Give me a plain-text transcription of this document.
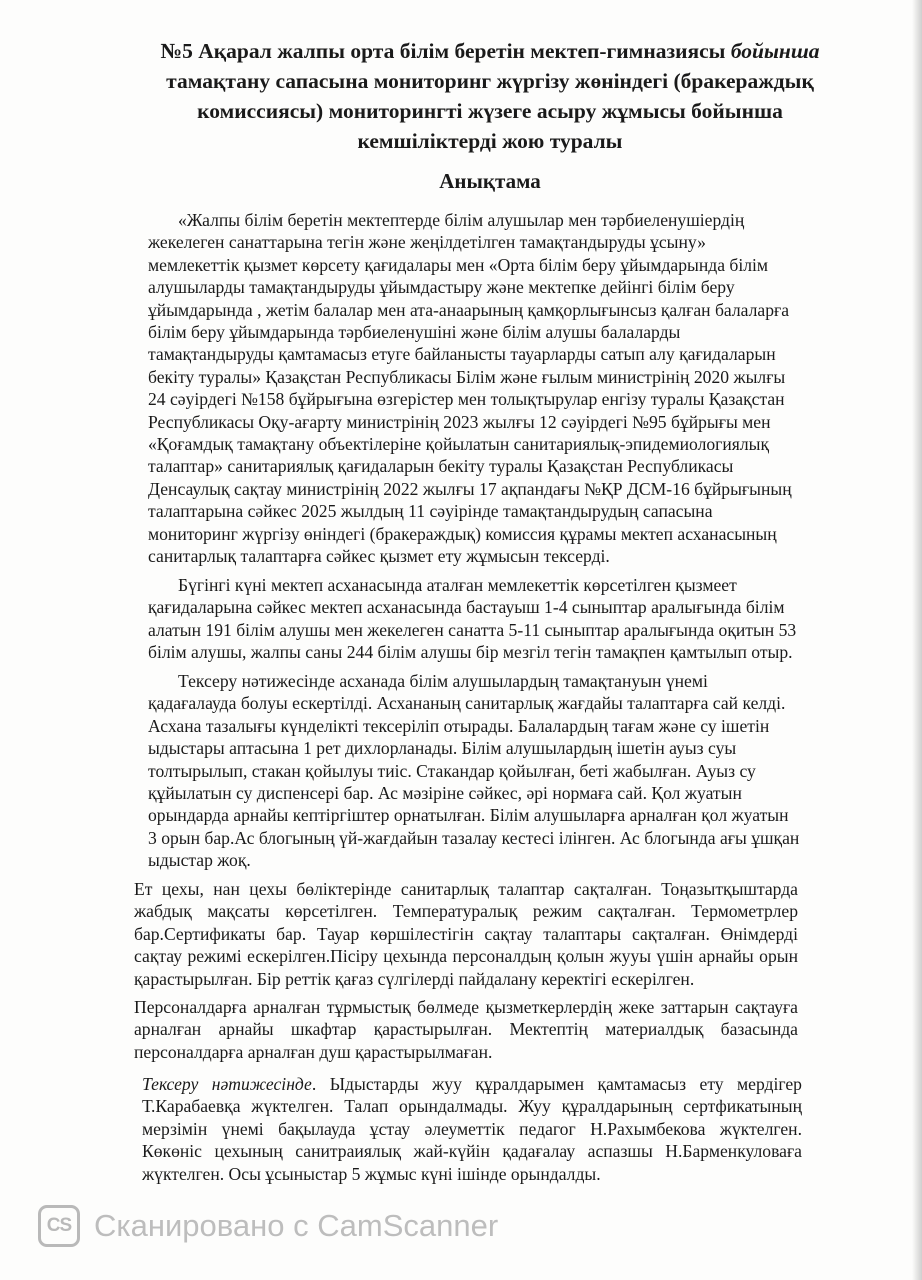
№5 Ақарал жалпы орта білім беретін мектеп-гимназиясы бойынша
тамақтану сапасына мониторинг жүргізу жөніндегі (бракераждық
комиссиясы) мониторингті жүзеге асыру жұмысы бойынша
кемшіліктерді жою туралы
Анықтама

«Жалпы білім беретін мектептерде білім алушылар мен тәрбиеленушіердің
жекелеген санаттарына тегін және жеңілдетілген тамақтандыруды ұсыну»
мемлекеттік қызмет көрсету қағидалары мен «Орта білім беру ұйымдарында білім
алушыларды тамақтандыруды ұйымдастыру және мектепке дейінгі білім беру
ұйымдарында , жетім балалар мен ата-анаарының қамқорлығынсыз қалған балаларға
білім беру ұйымдарында тәрбиеленушіні және білім алушы балаларды
тамақтандыруды қамтамасыз етуге байланысты тауарларды сатып алу қағидаларын
бекіту туралы» Қазақстан Республикасы Білім және ғылым министрінің 2020 жылғы
24 сәуірдегі №158 бұйрығына өзгерістер мен толықтырулар енгізу туралы Қазақстан
Республикасы Оқу-ағарту министрінің 2023 жылғы 12 сәуірдегі №95 бұйрығы мен
«Қоғамдық тамақтану объектілеріне қойылатын санитариялық-эпидемиологиялық
талаптар» санитариялық қағидаларын бекіту туралы Қазақстан Республикасы
Денсаулық сақтау министрінің 2022 жылғы 17 ақпандағы №ҚР ДСМ-16 бұйрығының
талаптарына сәйкес 2025 жылдың 11 сәуірінде тамақтандырудың сапасына
мониторинг жүргізу өніндегі (бракераждық) комиссия құрамы мектеп асханасының
санитарлық талаптарға сәйкес қызмет ету жұмысын тексерді.

Бүгінгі күні мектеп асханасында аталған мемлекеттік көрсетілген қызмеет
қағидаларына сәйкес мектеп асханасында бастауыш 1-4 сыныптар аралығында білім
алатын 191 білім алушы мен жекелеген санатта 5-11 сыныптар аралығында оқитын 53
білім алушы, жалпы саны 244 білім алушы бір мезгіл тегін тамақпен қамтылып отыр.

Тексеру нәтижесінде асханада білім алушылардың тамақтануын үнемі
қадағалауда болуы ескертілді. Асхананың санитарлық жағдайы талаптарға сай келді.
Асхана тазалығы күнделікті тексеріліп отырады. Балалардың тағам және су ішетін
ыдыстары аптасына 1 рет дихлорланады. Білім алушылардың ішетін ауыз суы
толтырылып, стакан қойылуы тиіс. Стакандар қойылған, беті жабылған. Ауыз су
құйылатын су диспенсері бар. Ас мәзіріне сәйкес, әрі нормаға сай. Қол жуатын
орындарда арнайы кептіргіштер орнатылған. Білім алушыларға арналған қол жуатын
3 орын бар.Ас блогының үй-жағдайын тазалау кестесі ілінген. Ас блогында ағы ұшқан
ыдыстар жоқ.

Ет цехы, нан цехы бөліктерінде санитарлық талаптар сақталған. Тоңазытқыштарда
жабдық мақсаты көрсетілген. Температуралық режим сақталған. Термометрлер
бар.Сертификаты бар. Тауар көршілестігін сақтау талаптары сақталған. Өнімдерді
сақтау режимі ескерілген.Пісіру цехында персоналдың қолын жууы үшін арнайы орын
қарастырылған. Бір реттік қағаз сүлгілерді пайдалану керектігі ескерілген.

Персоналдарға арналған тұрмыстық бөлмеде қызметкерлердің жеке заттарын сақтауға
арналған арнайы шкафтар қарастырылған. Мектептің материалдық базасында
персоналдарға арналған душ қарастырылмаған.

Тексеру нәтижесінде. Ыдыстарды жуу құралдарымен қамтамасыз ету мердігер
Т.Карабаевқа жүктелген. Талап орындалмады. Жуу құралдарының сертфикатының
мерзімін үнемі бақылауда ұстау әлеуметтік педагог Н.Рахымбекова жүктелген.
Көкөніс цехының санитраиялық жай-күйін қадағалау аспазшы Н.Барменкуловаға
жүктелген. Осы ұсыныстар 5 жұмыс күні ішінде орындалды.

CS Сканировано с CamScanner
